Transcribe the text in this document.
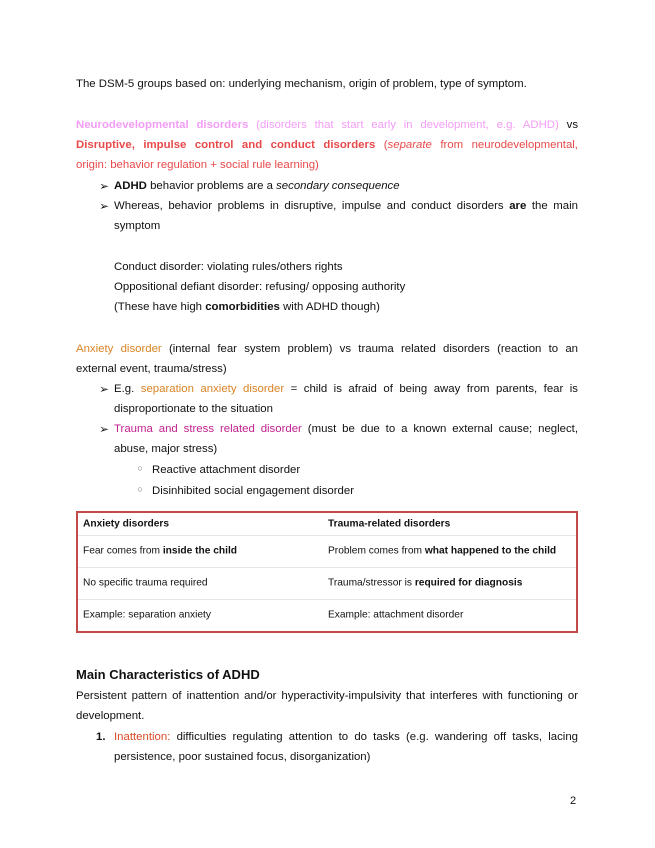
The DSM-5 groups based on: underlying mechanism, origin of problem, type of symptom.
Neurodevelopmental disorders (disorders that start early in development, e.g. ADHD) vs
Disruptive, impulse control and conduct disorders (separate from neurodevelopmental,
origin: behavior regulation + social rule learning)
➢ ADHD behavior problems are a secondary consequence
➢ Whereas, behavior problems in disruptive, impulse and conduct disorders are the main
symptom
Conduct disorder: violating rules/others rights
Oppositional defiant disorder: refusing/ opposing authority
(These have high comorbidities with ADHD though)
Anxiety disorder (internal fear system problem) vs trauma related disorders (reaction to an
external event, trauma/stress)
➢ E.g. separation anxiety disorder = child is afraid of being away from parents, fear is
disproportionate to the situation
➢ Trauma and stress related disorder (must be due to a known external cause; neglect,
abuse, major stress)
○ Reactive attachment disorder
○ Disinhibited social engagement disorder
Main Characteristics of ADHD
Persistent pattern of inattention and/or hyperactivity-impulsivity that interferes with functioning or
development.
1. Inattention: difficulties regulating attention to do tasks (e.g. wandering off tasks, lacing
persistence, poor sustained focus, disorganization)
Anxiety disorders	Trauma-related disorders
Fear comes from inside the child	Problem comes from what happened to the child
No specific trauma required	Trauma/stressor is required for diagnosis
Example: separation anxiety	Example: attachment disorder
2
